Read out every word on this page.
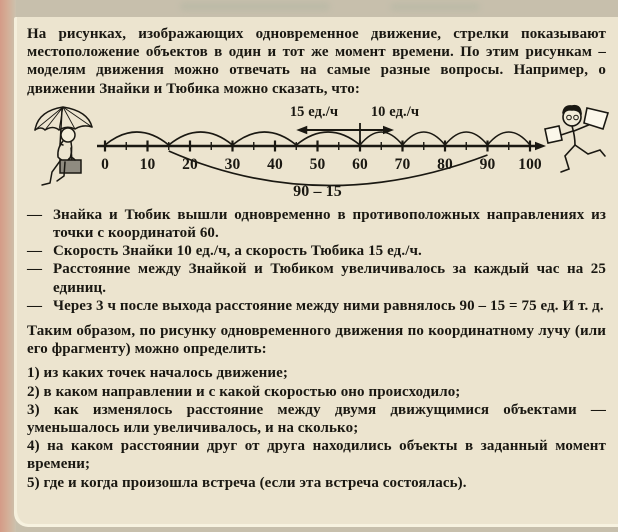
На рисунках, изображающих одновременное движение, стрелки показывают местоположение объектов в один и тот же момент времени. По этим рисункам – моделям движения можно отвечать на самые разные вопросы. Например, о движении Знайки и Тюбика можно сказать, что:

0 10 20 30 40 50 60 70 80 90 100
15 ед./ч 10 ед./ч
90 – 15
— Знайка и Тюбик вышли одновременно в противоположных направлениях из точки с координатой 60.
— Скорость Знайки 10 ед./ч, а скорость Тюбика 15 ед./ч.
— Расстояние между Знайкой и Тюбиком увеличивалось за каждый час на 25 единиц.
— Через 3 ч после выхода расстояние между ними равнялось 90 – 15 = 75 ед. И т. д.

Таким образом, по рисунку одновременного движения по координатному лучу (или его фрагменту) можно определить:

1) из каких точек началось движение;

2) в каком направлении и с какой скоростью оно происходило;

3) как изменялось расстояние между двумя движущимися объектами — уменьшалось или увеличивалось, и на сколько;

4) на каком расстоянии друг от друга находились объекты в заданный момент времени;

5) где и когда произошла встреча (если эта встреча состоялась).
